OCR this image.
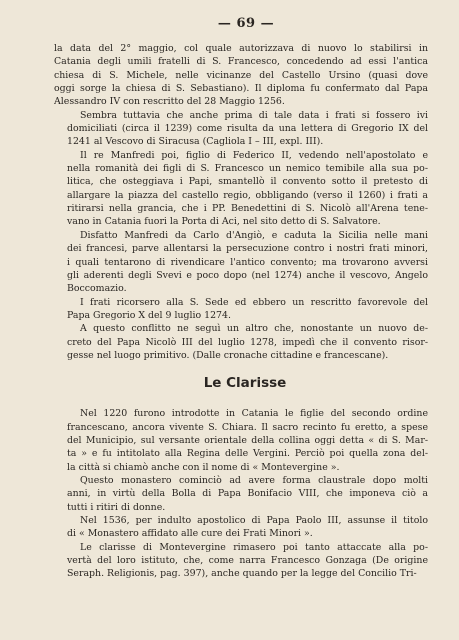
— 69 —
la data del 2° maggio, col quale autorizzava di nuovo lo stabilirsi in
Catania degli umili fratelli di S. Francesco, concedendo ad essi l'antica
chiesa di S. Michele, nelle vicinanze del Castello Ursino (quasi dove
oggi sorge la chiesa di S. Sebastiano). Il diploma fu confermato dal Papa
Alessandro IV con rescritto del 28 Maggio 1256.
Sembra tuttavia che anche prima di tale data i frati si fossero ivi
domiciliati (circa il 1239) come risulta da una lettera di Gregorio IX del
1241 al Vescovo di Siracusa (Cagliola I – III, expl. III).
Il re Manfredi poi, figlio di Federico II, vedendo nell'apostolato e
nella romanità dei figli di S. Francesco un nemico temibile alla sua po-
litica, che osteggiava i Papi, smantellò il convento sotto il pretesto di
allargare la piazza del castello regio, obbligando (verso il 1260) i frati a
ritirarsi nella grancia, che i PP. Benedettini di S. Nicolò all'Arena tene-
vano in Catania fuori la Porta di Aci, nel sito detto di S. Salvatore.
Disfatto Manfredi da Carlo d'Angiò, e caduta la Sicilia nelle mani
dei francesi, parve allentarsi la persecuzione contro i nostri frati minori,
i quali tentarono di rivendicare l'antico convento; ma trovarono avversi
gli aderenti degli Svevi e poco dopo (nel 1274) anche il vescovo, Angelo
Boccomazio.
I frati ricorsero alla S. Sede ed ebbero un rescritto favorevole del
Papa Gregorio X del 9 luglio 1274.
A questo conflitto ne seguì un altro che, nonostante un nuovo de-
creto del Papa Nicolò III del luglio 1278, impedì che il convento risor-
gesse nel luogo primitivo. (Dalle cronache cittadine e francescane).
Le Clarisse
Nel 1220 furono introdotte in Catania le figlie del secondo ordine
francescano, ancora vivente S. Chiara. Il sacro recinto fu eretto, a spese
del Municipio, sul versante orientale della collina oggi detta « di S. Mar-
ta » e fu intitolato alla Regina delle Vergini. Perciò poi quella zona del-
la città si chiamò anche con il nome di « Montevergine ».
Questo monastero cominciò ad avere forma claustrale dopo molti
anni, in virtù della Bolla di Papa Bonifacio VIII, che imponeva ciò a
tutti i ritiri di donne.
Nel 1536, per indulto apostolico di Papa Paolo III, assunse il titolo
di « Monastero affidato alle cure dei Frati Minori ».
Le clarisse di Montevergine rimasero poi tanto attaccate alla po-
vertà del loro istituto, che, come narra Francesco Gonzaga (De origine
Seraph. Religionis, pag. 397), anche quando per la legge del Concilio Tri-
